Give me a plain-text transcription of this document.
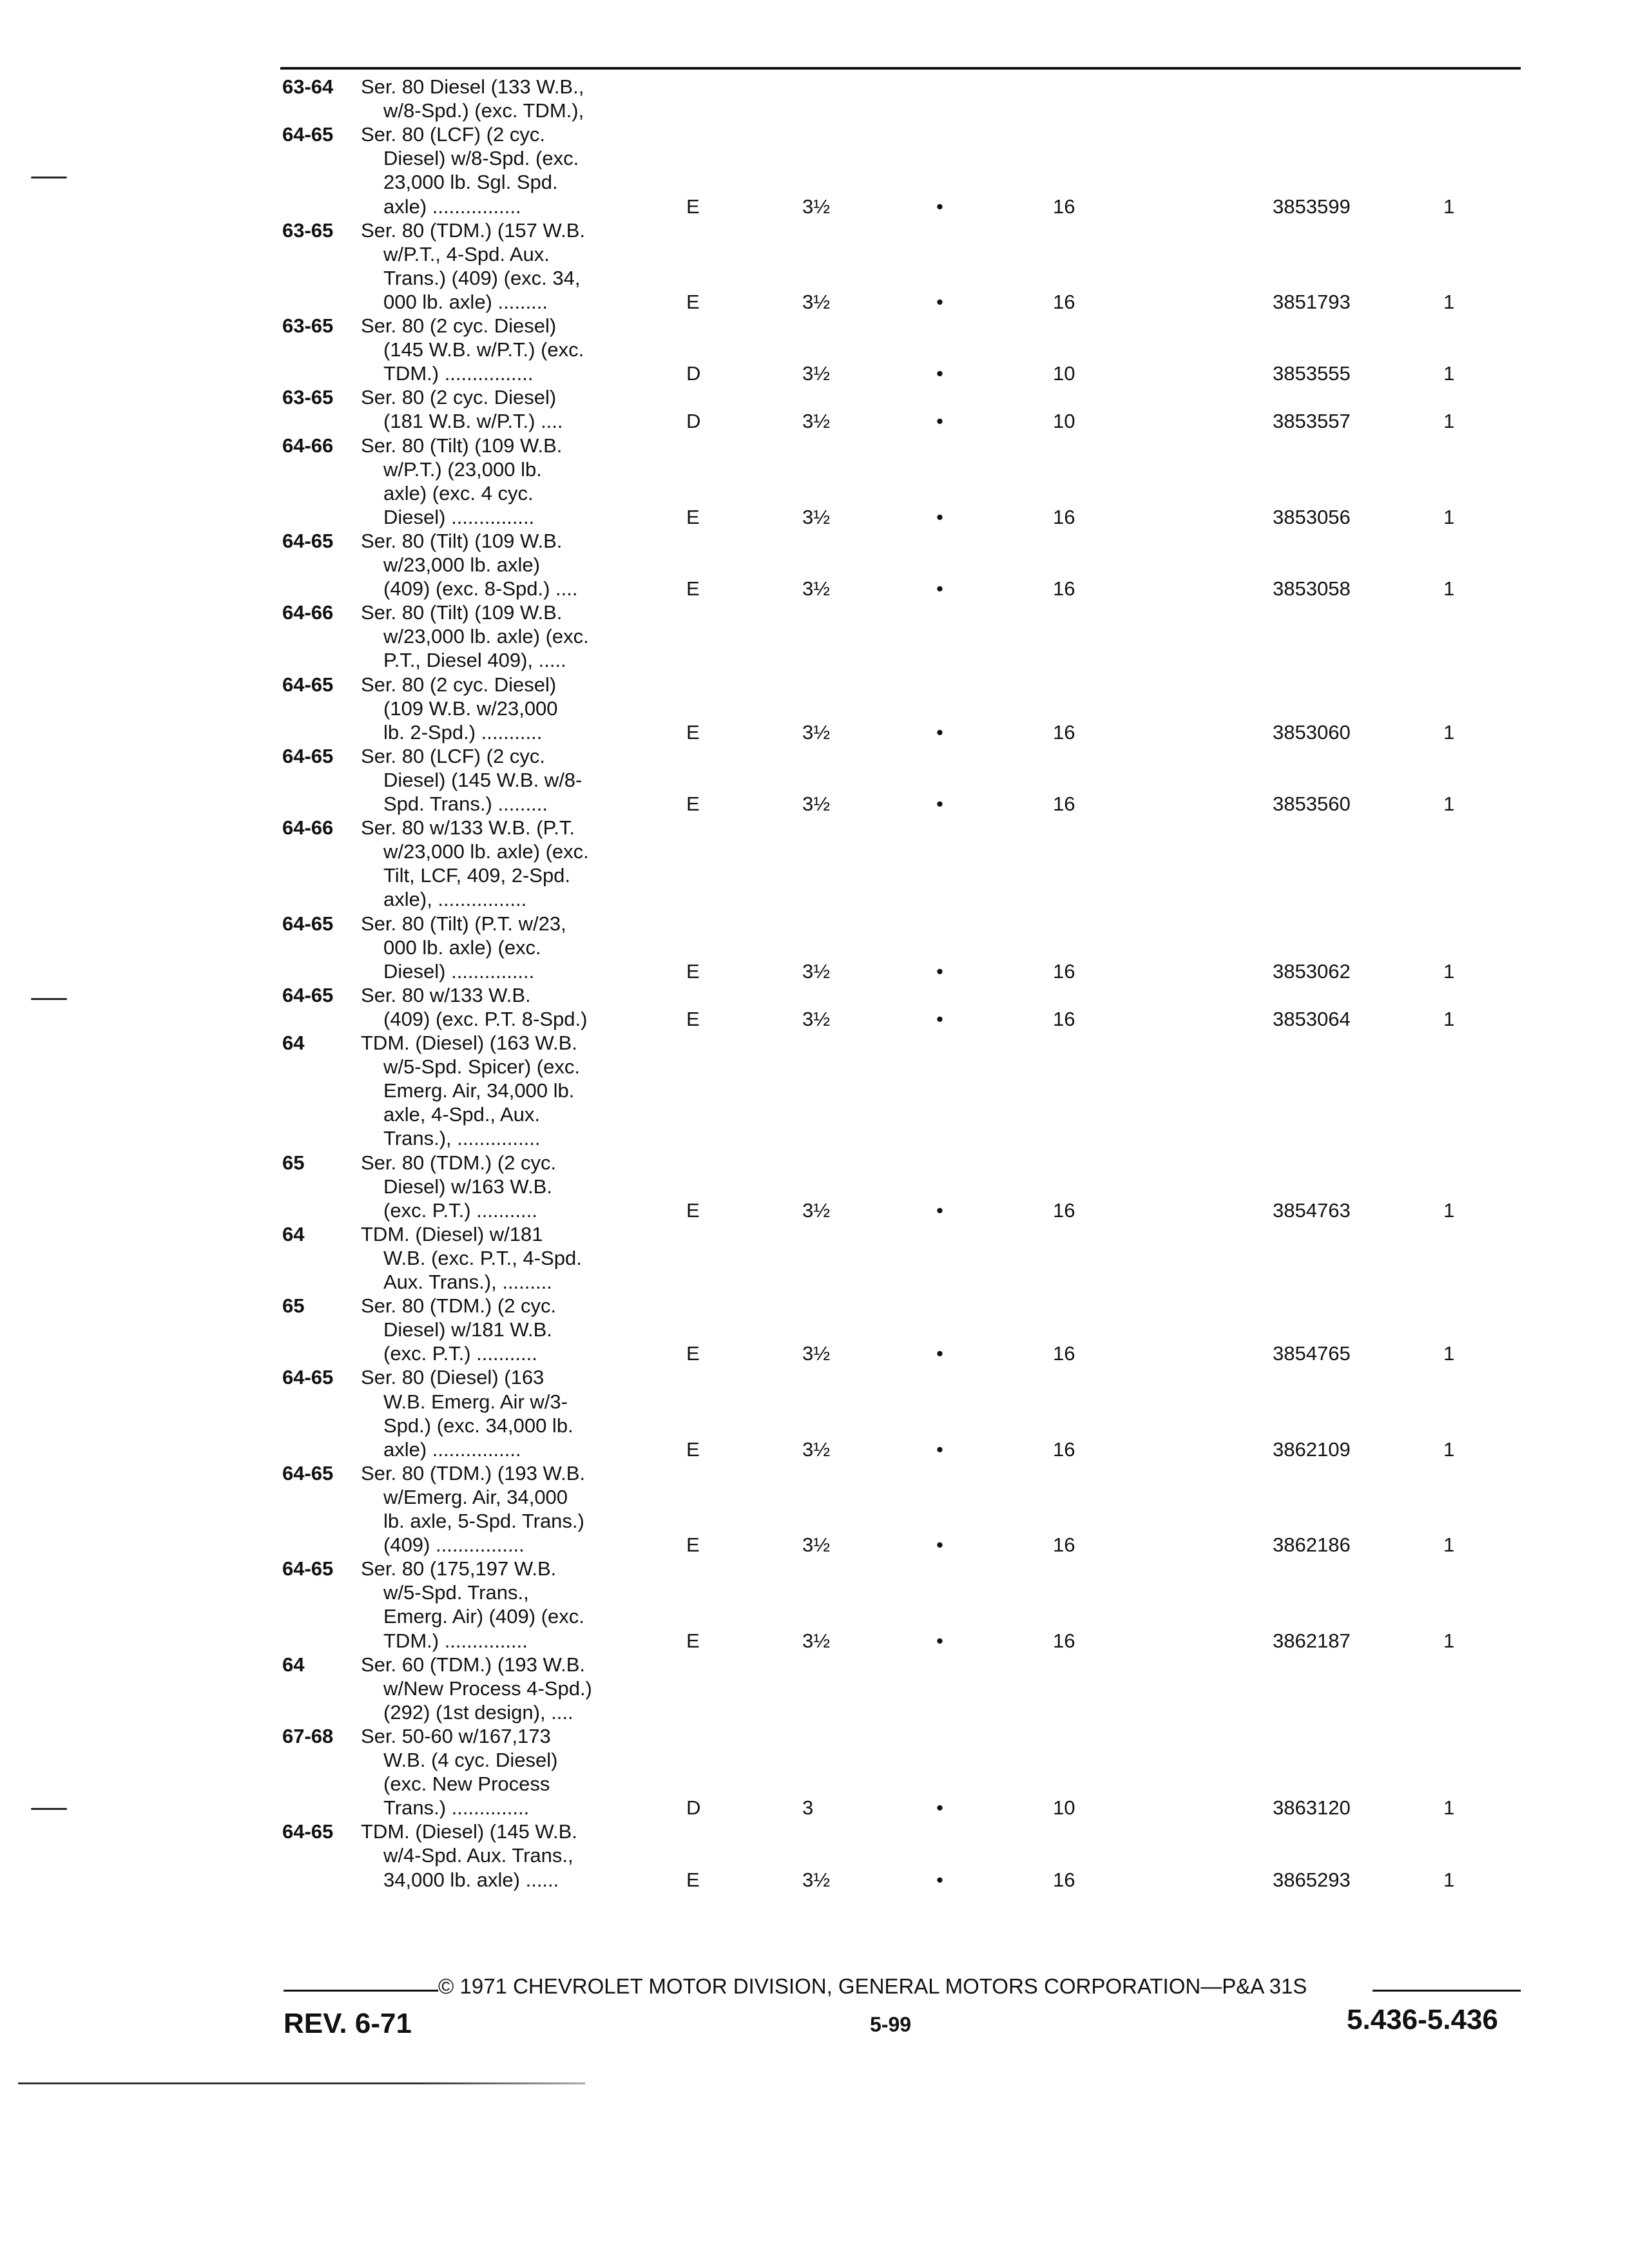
63-64 Ser. 80 Diesel (133 W.B.,
w/8-Spd.) (exc. TDM.),
64-65 Ser. 80 (LCF) (2 cyc.
Diesel) w/8-Spd. (exc.
23,000 lb. Sgl. Spd.
axle) ................	E	3½	•	16	3853599	1
63-65 Ser. 80 (TDM.) (157 W.B.
w/P.T., 4-Spd. Aux.
Trans.) (409) (exc. 34,
000 lb. axle) .........	E	3½	•	16	3851793	1
63-65 Ser. 80 (2 cyc. Diesel)
(145 W.B. w/P.T.) (exc.
TDM.) ................	D	3½	•	10	3853555	1
63-65 Ser. 80 (2 cyc. Diesel)
(181 W.B. w/P.T.) ....	D	3½	•	10	3853557	1
64-66 Ser. 80 (Tilt) (109 W.B.
w/P.T.) (23,000 lb.
axle) (exc. 4 cyc.
Diesel) ...............	E	3½	•	16	3853056	1
64-65 Ser. 80 (Tilt) (109 W.B.
w/23,000 lb. axle)
(409) (exc. 8-Spd.) ....	E	3½	•	16	3853058	1
64-66 Ser. 80 (Tilt) (109 W.B.
w/23,000 lb. axle) (exc.
P.T., Diesel 409), .....
64-65 Ser. 80 (2 cyc. Diesel)
(109 W.B. w/23,000
lb. 2-Spd.) ...........	E	3½	•	16	3853060	1
64-65 Ser. 80 (LCF) (2 cyc.
Diesel) (145 W.B. w/8-
Spd. Trans.) .........	E	3½	•	16	3853560	1
64-66 Ser. 80 w/133 W.B. (P.T.
w/23,000 lb. axle) (exc.
Tilt, LCF, 409, 2-Spd.
axle), ................
64-65 Ser. 80 (Tilt) (P.T. w/23,
000 lb. axle) (exc.
Diesel) ...............	E	3½	•	16	3853062	1
64-65 Ser. 80 w/133 W.B.
(409) (exc. P.T. 8-Spd.)	E	3½	•	16	3853064	1
64	TDM. (Diesel) (163 W.B.
w/5-Spd. Spicer) (exc.
Emerg. Air, 34,000 lb.
axle, 4-Spd., Aux.
Trans.), ...............
65	Ser. 80 (TDM.) (2 cyc.
Diesel) w/163 W.B.
(exc. P.T.) ...........	E	3½	•	16	3854763	1
64	TDM. (Diesel) w/181
W.B. (exc. P.T., 4-Spd.
Aux. Trans.), .........
65	Ser. 80 (TDM.) (2 cyc.
Diesel) w/181 W.B.
(exc. P.T.) ...........	E	3½	•	16	3854765	1
64-65 Ser. 80 (Diesel) (163
W.B. Emerg. Air w/3-
Spd.) (exc. 34,000 lb.
axle) ................	E	3½	•	16	3862109	1
64-65 Ser. 80 (TDM.) (193 W.B.
w/Emerg. Air, 34,000
lb. axle, 5-Spd. Trans.)
(409) ................	E	3½	•	16	3862186	1
64-65 Ser. 80 (175,197 W.B.
w/5-Spd. Trans.,
Emerg. Air) (409) (exc.
TDM.) ...............	E	3½	•	16	3862187	1
64	Ser. 60 (TDM.) (193 W.B.
w/New Process 4-Spd.)
(292) (1st design), ....
67-68 Ser. 50-60 w/167,173
W.B. (4 cyc. Diesel)
(exc. New Process
Trans.) ..............	D	3	•	10	3863120	1
64-65 TDM. (Diesel) (145 W.B.
w/4-Spd. Aux. Trans.,
34,000 lb. axle) ......	E	3½	•	16	3865293	1
© 1971 CHEVROLET MOTOR DIVISION, GENERAL MOTORS CORPORATION—P&A 31S
REV. 6-71	5-99	5.436-5.436
